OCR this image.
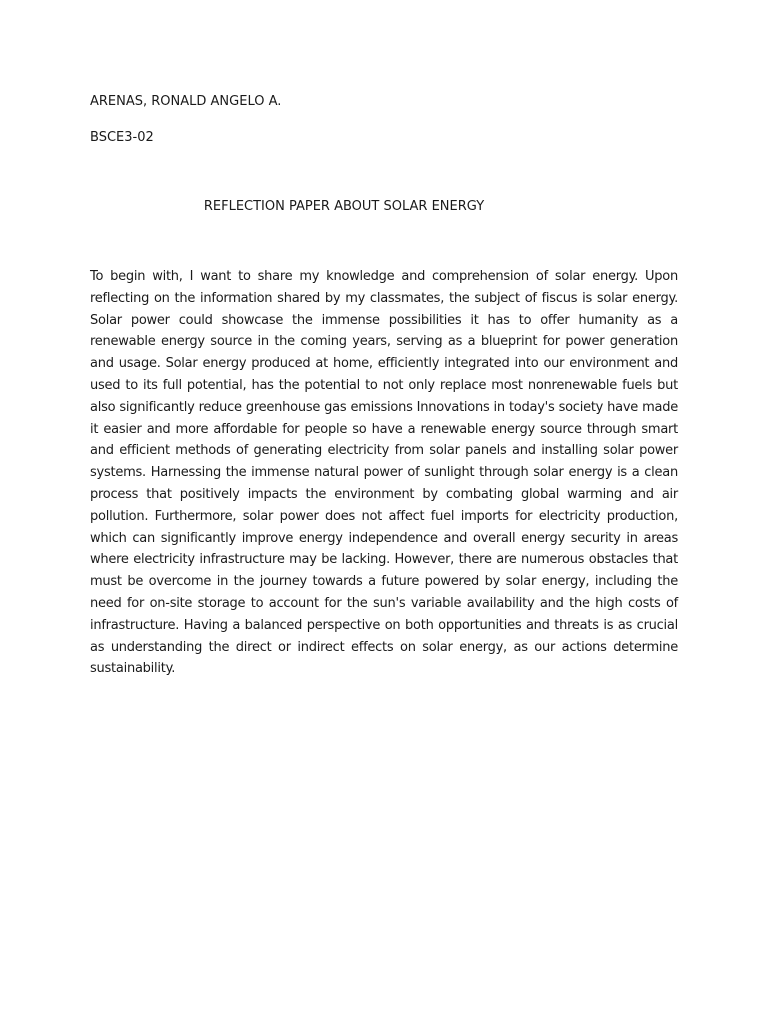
ARENAS, RONALD ANGELO A.
BSCE3-02
REFLECTION PAPER ABOUT SOLAR ENERGY

To begin with, I want to share my knowledge and comprehension of solar energy. Upon reflecting on the information shared by my classmates, the subject of fiscus is solar energy. Solar power could showcase the immense possibilities it has to offer humanity as a renewable energy source in the coming years, serving as a blueprint for power generation and usage. Solar energy produced at home, efficiently integrated into our environment and used to its full potential, has the potential to not only replace most nonrenewable fuels but also significantly reduce greenhouse gas emissions Innovations in today's society have made it easier and more affordable for people so have a renewable energy source through smart and efficient methods of generating electricity from solar panels and installing solar power systems. Harnessing the immense natural power of sunlight through solar energy is a clean process that positively impacts the environment by combating global warming and air pollution. Furthermore, solar power does not affect fuel imports for electricity production, which can significantly improve energy independence and overall energy security in areas where electricity infrastructure may be lacking. However, there are numerous obstacles that must be overcome in the journey towards a future powered by solar energy, including the need for on-site storage to account for the sun's variable availability and the high costs of infrastructure. Having a balanced perspective on both opportunities and threats is as crucial as understanding the direct or indirect effects on solar energy, as our actions determine sustainability.
